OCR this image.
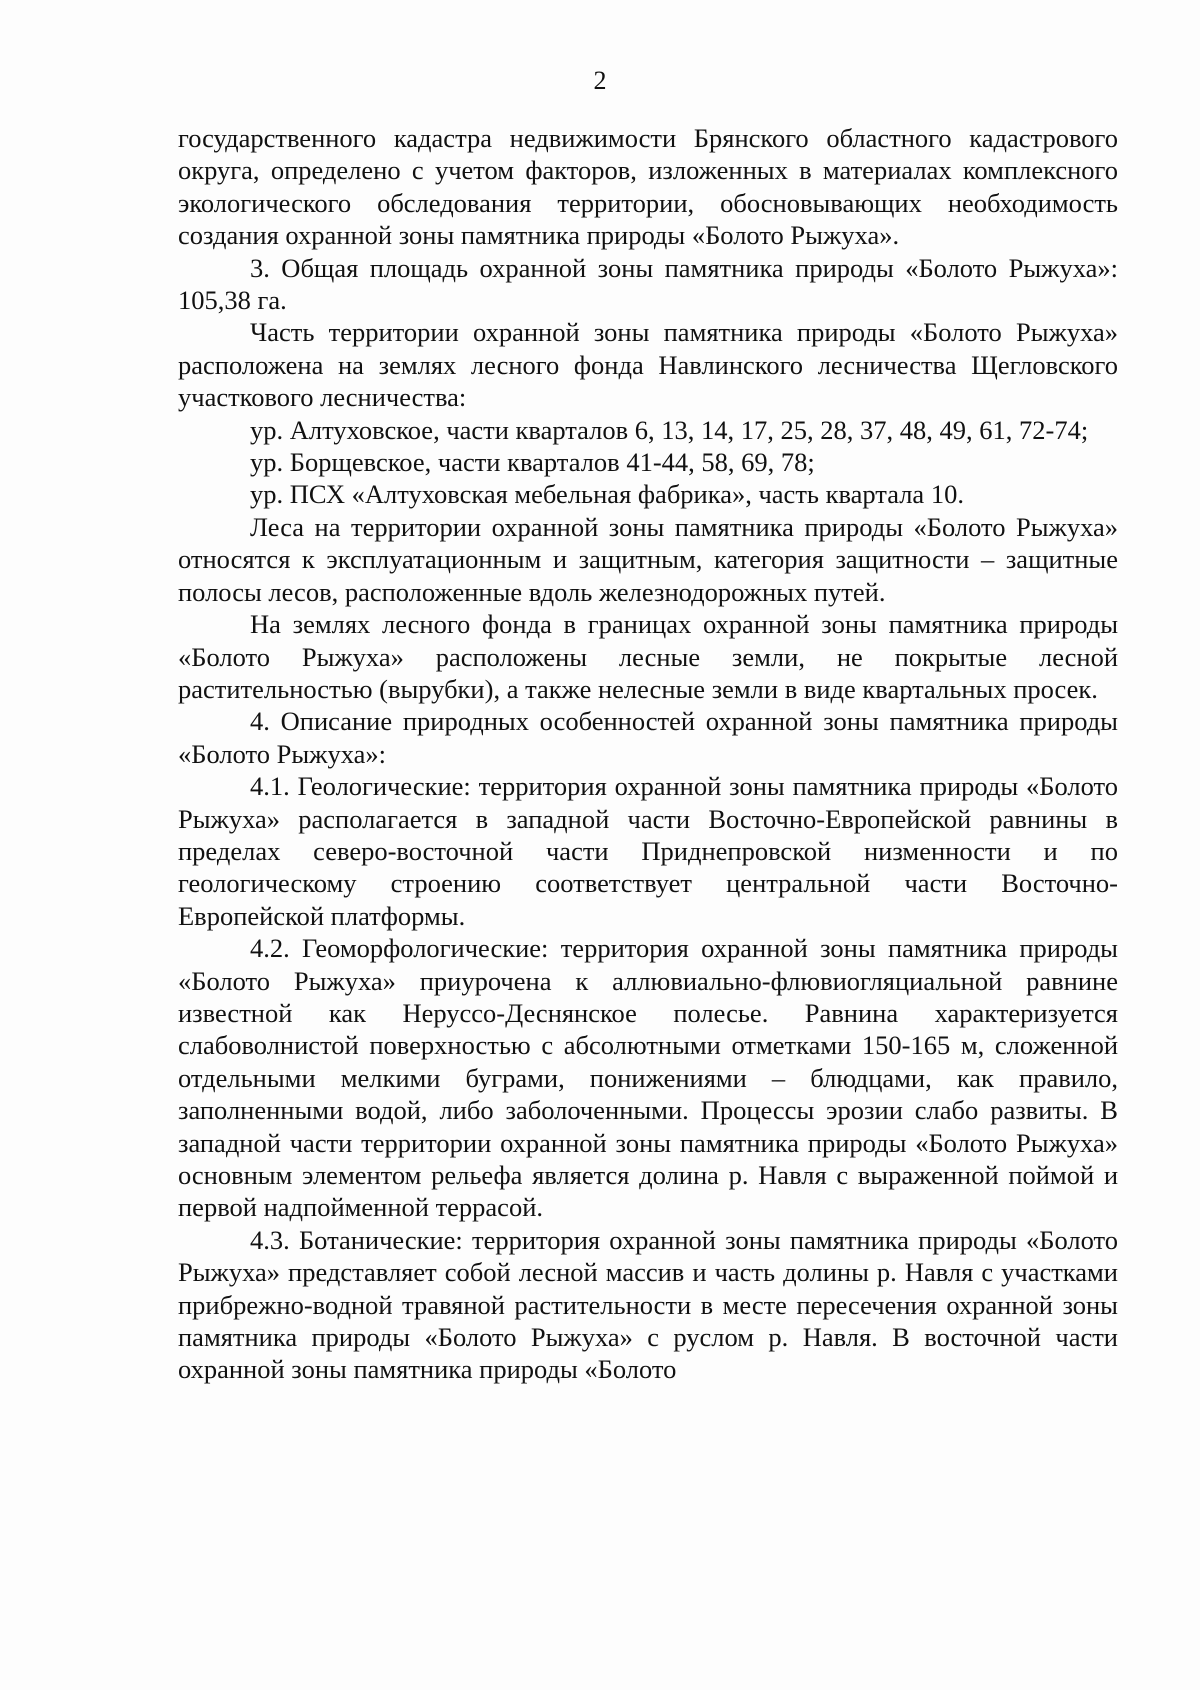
2

государственного кадастра недвижимости Брянского областного кадастрового округа, определено с учетом факторов, изложенных в материалах комплексного экологического обследования территории, обосновывающих необходимость создания охранной зоны памятника природы «Болото Рыжуха».

3. Общая площадь охранной зоны памятника природы «Болото Рыжуха»: 105,38 га.

Часть территории охранной зоны памятника природы «Болото Рыжуха» расположена на землях лесного фонда Навлинского лесничества Щегловского участкового лесничества:

ур. Алтуховское, части кварталов 6, 13, 14, 17, 25, 28, 37, 48, 49, 61, 72-74;

ур. Борщевское, части кварталов 41-44, 58, 69, 78;

ур. ПСХ «Алтуховская мебельная фабрика», часть квартала 10.

Леса на территории охранной зоны памятника природы «Болото Рыжуха» относятся к эксплуатационным и защитным, категория защитности – защитные полосы лесов, расположенные вдоль железнодорожных путей.

На землях лесного фонда в границах охранной зоны памятника природы «Болото Рыжуха» расположены лесные земли, не покрытые лесной растительностью (вырубки), а также нелесные земли в виде квартальных просек.

4. Описание природных особенностей охранной зоны памятника природы «Болото Рыжуха»:

4.1. Геологические: территория охранной зоны памятника природы «Болото Рыжуха» располагается в западной части Восточно-Европейской равнины в пределах северо-восточной части Приднепровской низменности и по геологическому строению соответствует центральной части Восточно-Европейской платформы.

4.2. Геоморфологические: территория охранной зоны памятника природы «Болото Рыжуха» приурочена к аллювиально-флювиогляциальной равнине известной как Неруссо-Деснянское полесье. Равнина характеризуется слабоволнистой поверхностью с абсолютными отметками 150-165 м, сложенной отдельными мелкими буграми, понижениями – блюдцами, как правило, заполненными водой, либо заболоченными. Процессы эрозии слабо развиты. В западной части территории охранной зоны памятника природы «Болото Рыжуха» основным элементом рельефа является долина р. Навля с выраженной поймой и первой надпойменной террасой.

4.3. Ботанические: территория охранной зоны памятника природы «Болото Рыжуха» представляет собой лесной массив и часть долины р. Навля с участками прибрежно-водной травяной растительности в месте пересечения охранной зоны памятника природы «Болото Рыжуха» с руслом р. Навля. В восточной части охранной зоны памятника природы «Болото
